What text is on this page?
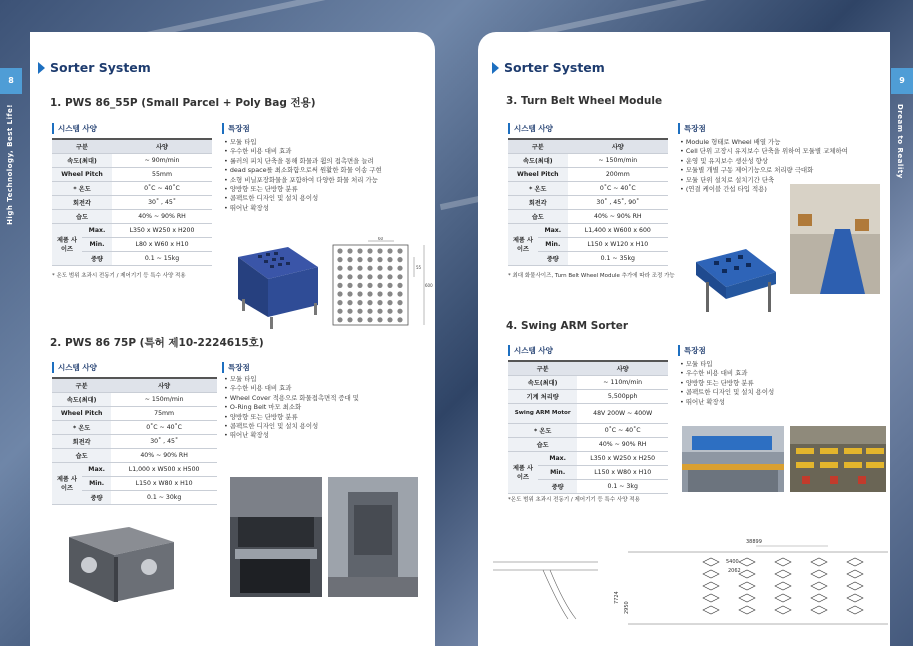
8
High Technology, Best Life!
9
Dream to Reality
Sorter System
1. PWS 86_55P (Small Parcel + Poly Bag 전용)
시스템 사양	특장점
구분		사양
속도(최대)		~ 90m/min
Wheel Pitch		55mm
* 온도		0˚C ~ 40˚C
회전각		30˚ , 45˚
습도		40% ~ 90% RH
제품 사이즈	Max.	L350 x W250 x H200
	Min.	L80 x W60 x H10
	중량	0.1 ~ 15kg
* 온도 범위 초과시 전동기 / 제어기기 등 특수 사양 적용
• 모듈 타입
• 우수한 비용 대비 효과
• 롤러의 피치 단축을 통해 화물과 휠의 접촉면을 늘려
• dead space를 최소화함으로써 원활한 화물 이송 구현
• 소형 비닐포장화물을 포함하여 다양한 화물 처리 가능
• 양방향 또는 단방향 분류
• 콤팩트한 디자인 및 설치 용이성
• 뛰어난 확장성
60
55
600
2. PWS 86 75P (특허 제10-2224615호)
시스템 사양	특장점
구분		사양
속도(최대)		~ 150m/min
Wheel Pitch		75mm
* 온도		0˚C ~ 40˚C
회전각		30˚ , 45˚
습도		40% ~ 90% RH
제품 사이즈	Max.	L1,000 x W500 x H500
	Min.	L150 x W80 x H10
	중량	0.1 ~ 30kg
• 모듈 타입
• 우수한 비용 대비 효과
• Wheel Cover 적용으로 화물접촉면적 증대 및
• O-Ring Belt 마모 최소화
• 양방향 또는 단방향 분류
• 콤팩트한 디자인 및 설치 용이성
• 뛰어난 확장성
Sorter System
3. Turn Belt Wheel Module
시스템 사양	특장점
구분		사양
속도(최대)		~ 150m/min
Wheel Pitch		200mm
* 온도		0˚C ~ 40˚C
회전각		30˚ , 45˚, 90˚
습도		40% ~ 90% RH
제품 사이즈	Max.	L1,400 x W600 x 600
	Min.	L150 x W120 x H10
	중량	0.1 ~ 35kg
* 최대 화물사이즈, Turn Belt Wheel Module 추가에 따라 조정 가능
• Module 형태로 Wheel 배열 가능
• Cell 단위 고장시 유지보수 단축을 위하여 모듈별 교체하여
• 운영 및 유지보수 생산성 향상
• 모듈별 개별 구동 제어기능으로 처리량 극대화
• 모듈 단위 설치로 설치기간 단축
• (연결 케이블 간섭 타입 적용)
4. Swing ARM Sorter
시스템 사양	특장점
구분		사양
속도(최대)		~ 110m/min
기계 처리량		5,500pph
Swing ARM Motor		48V 200W ~ 400W
* 온도		0˚C ~ 40˚C
습도		40% ~ 90% RH
제품 사이즈	Max.	L350 x W250 x H250
	Min.	L150 x W80 x H10
	중량	0.1 ~ 3kg
*온도 범위 초과시 전동기 / 제어기기 등 특수 사양 적용
• 모듈 타입
• 우수한 비용 대비 효과
• 양방향 또는 단방향 분류
• 콤팩트한 디자인 및 설치 용이성
• 뛰어난 확장성
38899
5400
2062
7724
2950
